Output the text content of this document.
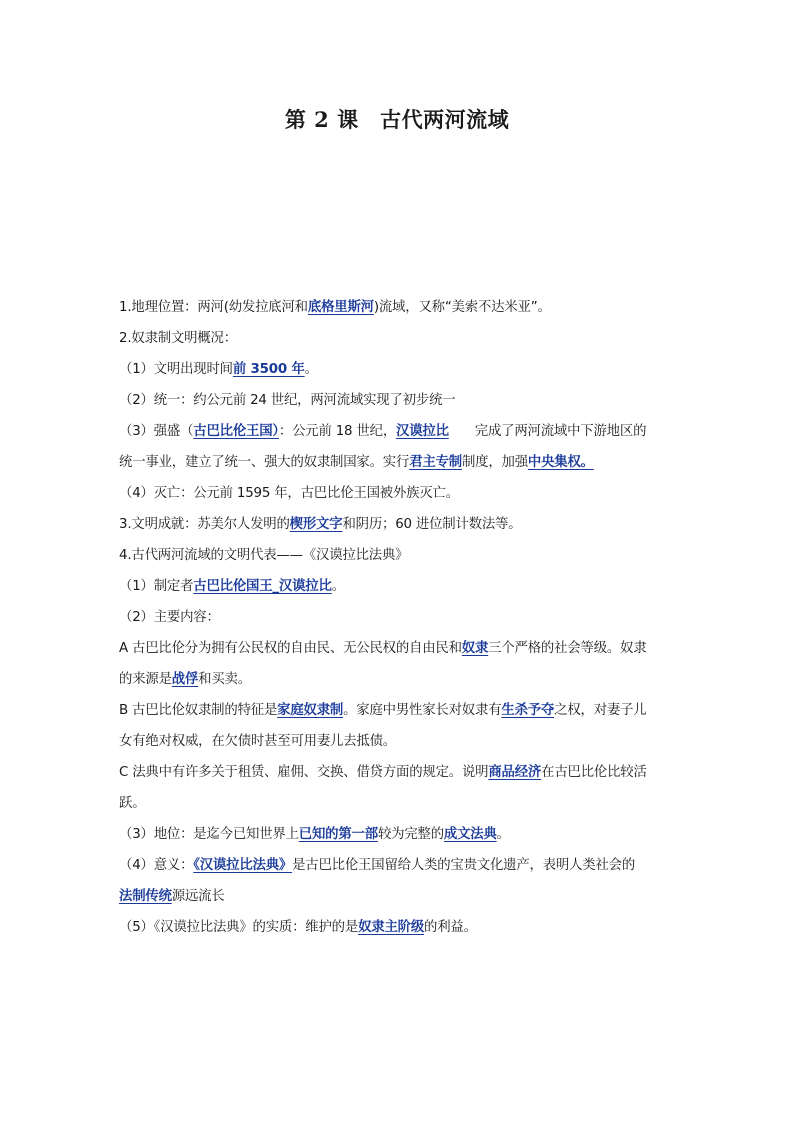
第 2 课　古代两河流域
1.地理位置：两河(幼发拉底河和底格里斯河)流域，又称“美索不达米亚”。
2.奴隶制文明概况：
（1）文明出现时间前 3500 年。
（2）统一：约公元前 24 世纪，两河流域实现了初步统一
（3）强盛（古巴比伦王国）：公元前 18 世纪，汉谟拉比 完成了两河流域中下游地区的
统一事业，建立了统一、强大的奴隶制国家。实行君主专制制度，加强中央集权。
（4）灭亡：公元前 1595 年，古巴比伦王国被外族灭亡。
3.文明成就：苏美尔人发明的楔形文字和阴历；60 进位制计数法等。
4.古代两河流域的文明代表——《汉谟拉比法典》
（1）制定者古巴比伦国王_汉谟拉比。
（2）主要内容：
A 古巴比伦分为拥有公民权的自由民、无公民权的自由民和奴隶三个严格的社会等级。奴隶
的来源是战俘和买卖。
B 古巴比伦奴隶制的特征是家庭奴隶制。家庭中男性家长对奴隶有生杀予夺之权，对妻子儿
女有绝对权威，在欠债时甚至可用妻儿去抵债。
C 法典中有许多关于租赁、雇佣、交换、借贷方面的规定。说明商品经济在古巴比伦比较活
跃。
（3）地位：是迄今已知世界上已知的第一部较为完整的成文法典。
（4）意义：《汉谟拉比法典》是古巴比伦王国留给人类的宝贵文化遗产，表明人类社会的
法制传统源远流长
（5）《汉谟拉比法典》的实质：维护的是奴隶主阶级的利益。
